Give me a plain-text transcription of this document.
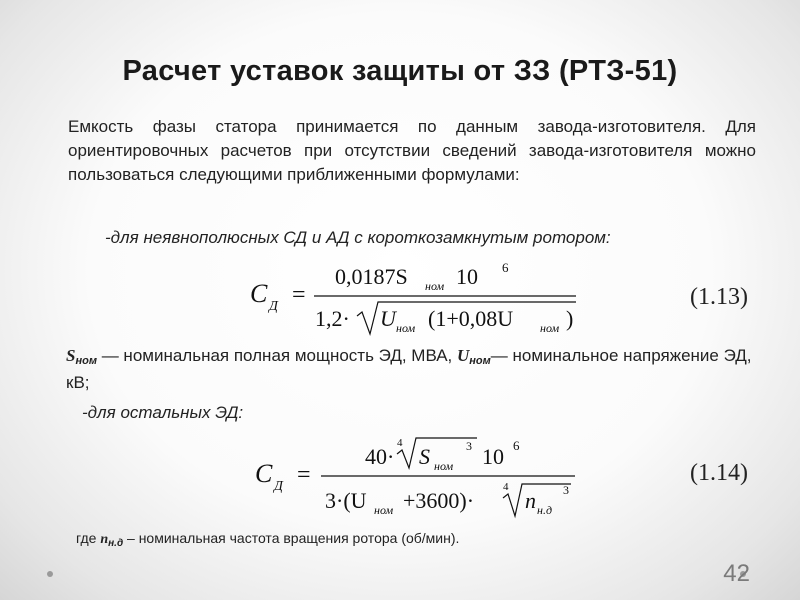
Расчет уставок защиты от ЗЗ (РТЗ-51)
Емкость фазы статора принимается по данным завода-изготовителя. Для ориентировочных расчетов при отсутствии сведений завода-изготовителя можно пользоваться следующими приближенными формулами:
-для неявнополюсных СД и АД с короткозамкнутым ротором:
C Д =
0,0187S ном 10 6
1,2· U ном (1+0,08U ном )
(1.13)
$S_{ном}$ — номинальная полная мощность ЭД, МВА, $U_{ном}—$ номинальное напряжение ЭД, кВ;
-для остальных ЭД:
C Д =
40·
4
S ном
3 10 6
3·(U ном +3600)·
4
n н.д
3
(1.14)
где $n_{н.д}$ – номинальная частота вращения ротора (об/мин).
42
